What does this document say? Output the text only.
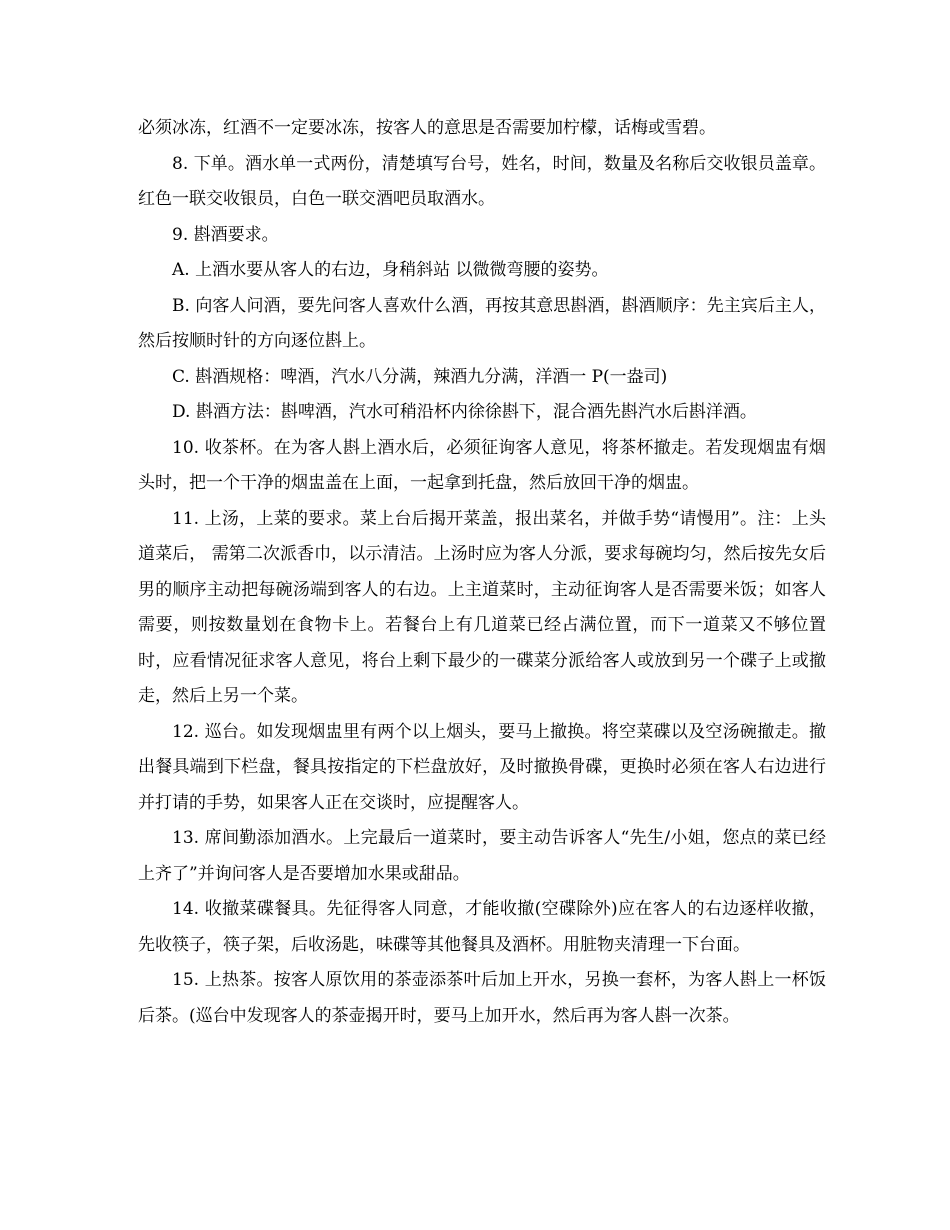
必须冰冻，红酒不一定要冰冻，按客人的意思是否需要加柠檬，话梅或雪碧。

8. 下单。酒水单一式两份，清楚填写台号，姓名，时间，数量及名称后交收银员盖章。红色一联交收银员，白色一联交酒吧员取酒水。

9. 斟酒要求。

A. 上酒水要从客人的右边，身稍斜站 以微微弯腰的姿势。

B. 向客人问酒，要先问客人喜欢什么酒，再按其意思斟酒，斟酒顺序：先主宾后主人，然后按顺时针的方向逐位斟上。

C. 斟酒规格：啤酒，汽水八分满，辣酒九分满，洋酒一 P(一盎司)

D. 斟酒方法：斟啤酒，汽水可稍沿杯内徐徐斟下，混合酒先斟汽水后斟洋酒。

10. 收茶杯。在为客人斟上酒水后，必须征询客人意见，将茶杯撤走。若发现烟盅有烟头时，把一个干净的烟盅盖在上面，一起拿到托盘，然后放回干净的烟盅。

11. 上汤，上菜的要求。菜上台后揭开菜盖，报出菜名，并做手势“请慢用”。注：上头道菜后， 需第二次派香巾，以示清洁。上汤时应为客人分派，要求每碗均匀，然后按先女后男的顺序主动把每碗汤端到客人的右边。上主道菜时，主动征询客人是否需要米饭；如客人需要，则按数量划在食物卡上。若餐台上有几道菜已经占满位置，而下一道菜又不够位置时，应看情况征求客人意见，将台上剩下最少的一碟菜分派给客人或放到另一个碟子上或撤走，然后上另一个菜。

12. 巡台。如发现烟盅里有两个以上烟头，要马上撤换。将空菜碟以及空汤碗撤走。撤出餐具端到下栏盘，餐具按指定的下栏盘放好，及时撤换骨碟，更换时必须在客人右边进行并打请的手势，如果客人正在交谈时，应提醒客人。

13. 席间勤添加酒水。上完最后一道菜时，要主动告诉客人“先生/小姐，您点的菜已经上齐了”并询问客人是否要增加水果或甜品。

14. 收撤菜碟餐具。先征得客人同意，才能收撤(空碟除外)应在客人的右边逐样收撤，先收筷子，筷子架，后收汤匙，味碟等其他餐具及酒杯。用脏物夹清理一下台面。

15. 上热茶。按客人原饮用的茶壶添茶叶后加上开水，另换一套杯，为客人斟上一杯饭后茶。(巡台中发现客人的茶壶揭开时，要马上加开水，然后再为客人斟一次茶。
